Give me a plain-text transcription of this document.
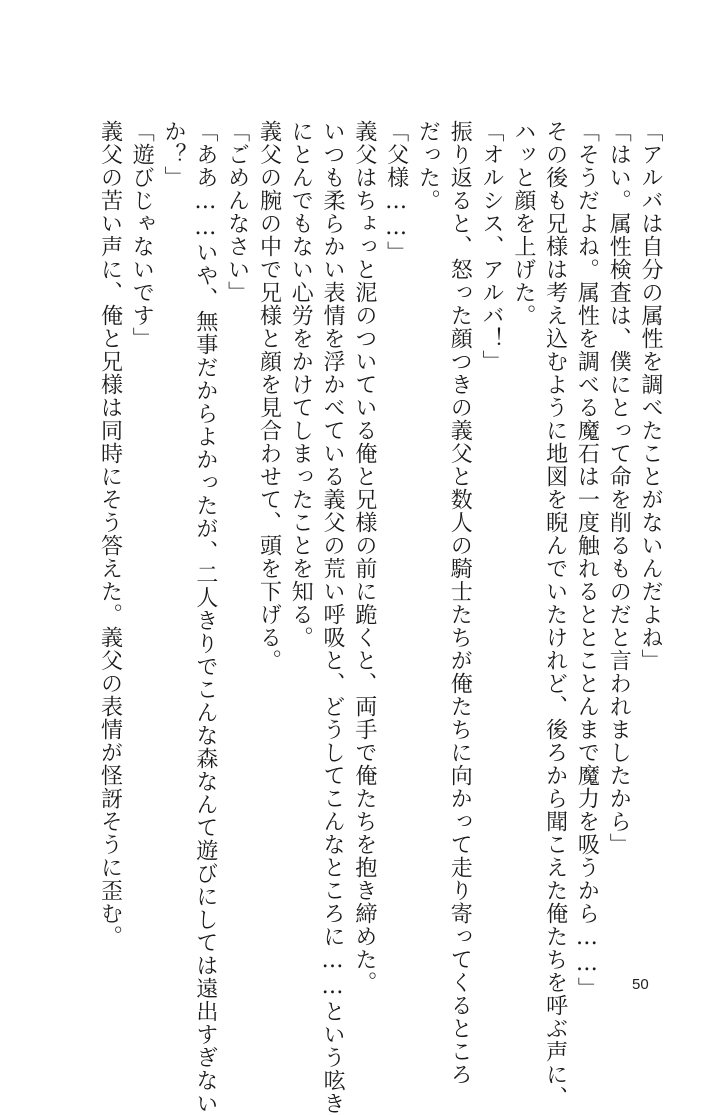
「アルバは自分の属性を調べたことがないんだよね」
「はい。属性検査は、僕にとって命を削るものだと言われましたから」
「そうだよね。属性を調べる魔石は一度触れるととことんまで魔力を吸うから……」
その後も兄様は考え込むように地図を睨んでいたけれど、後ろから聞こえた俺たちを呼ぶ声に、
ハッと顔を上げた。
「オルシス、アルバ！」
振り返ると、怒った顔つきの義父と数人の騎士たちが俺たちに向かって走り寄ってくるところ
だった。
「父様……」
義父はちょっと泥のついている俺と兄様の前に跪くと、両手で俺たちを抱き締めた。
いつも柔らかい表情を浮かべている義父の荒い呼吸と、どうしてこんなところに……という呟き
にとんでもない心労をかけてしまったことを知る。
義父の腕の中で兄様と顔を見合わせて、頭を下げる。
「ごめんなさい」
「ああ……いや、無事だからよかったが、二人きりでこんな森なんて遊びにしては遠出すぎない
か？」
「遊びじゃないです」
義父の苦い声に、俺と兄様は同時にそう答えた。義父の表情が怪訝そうに歪む。
50
